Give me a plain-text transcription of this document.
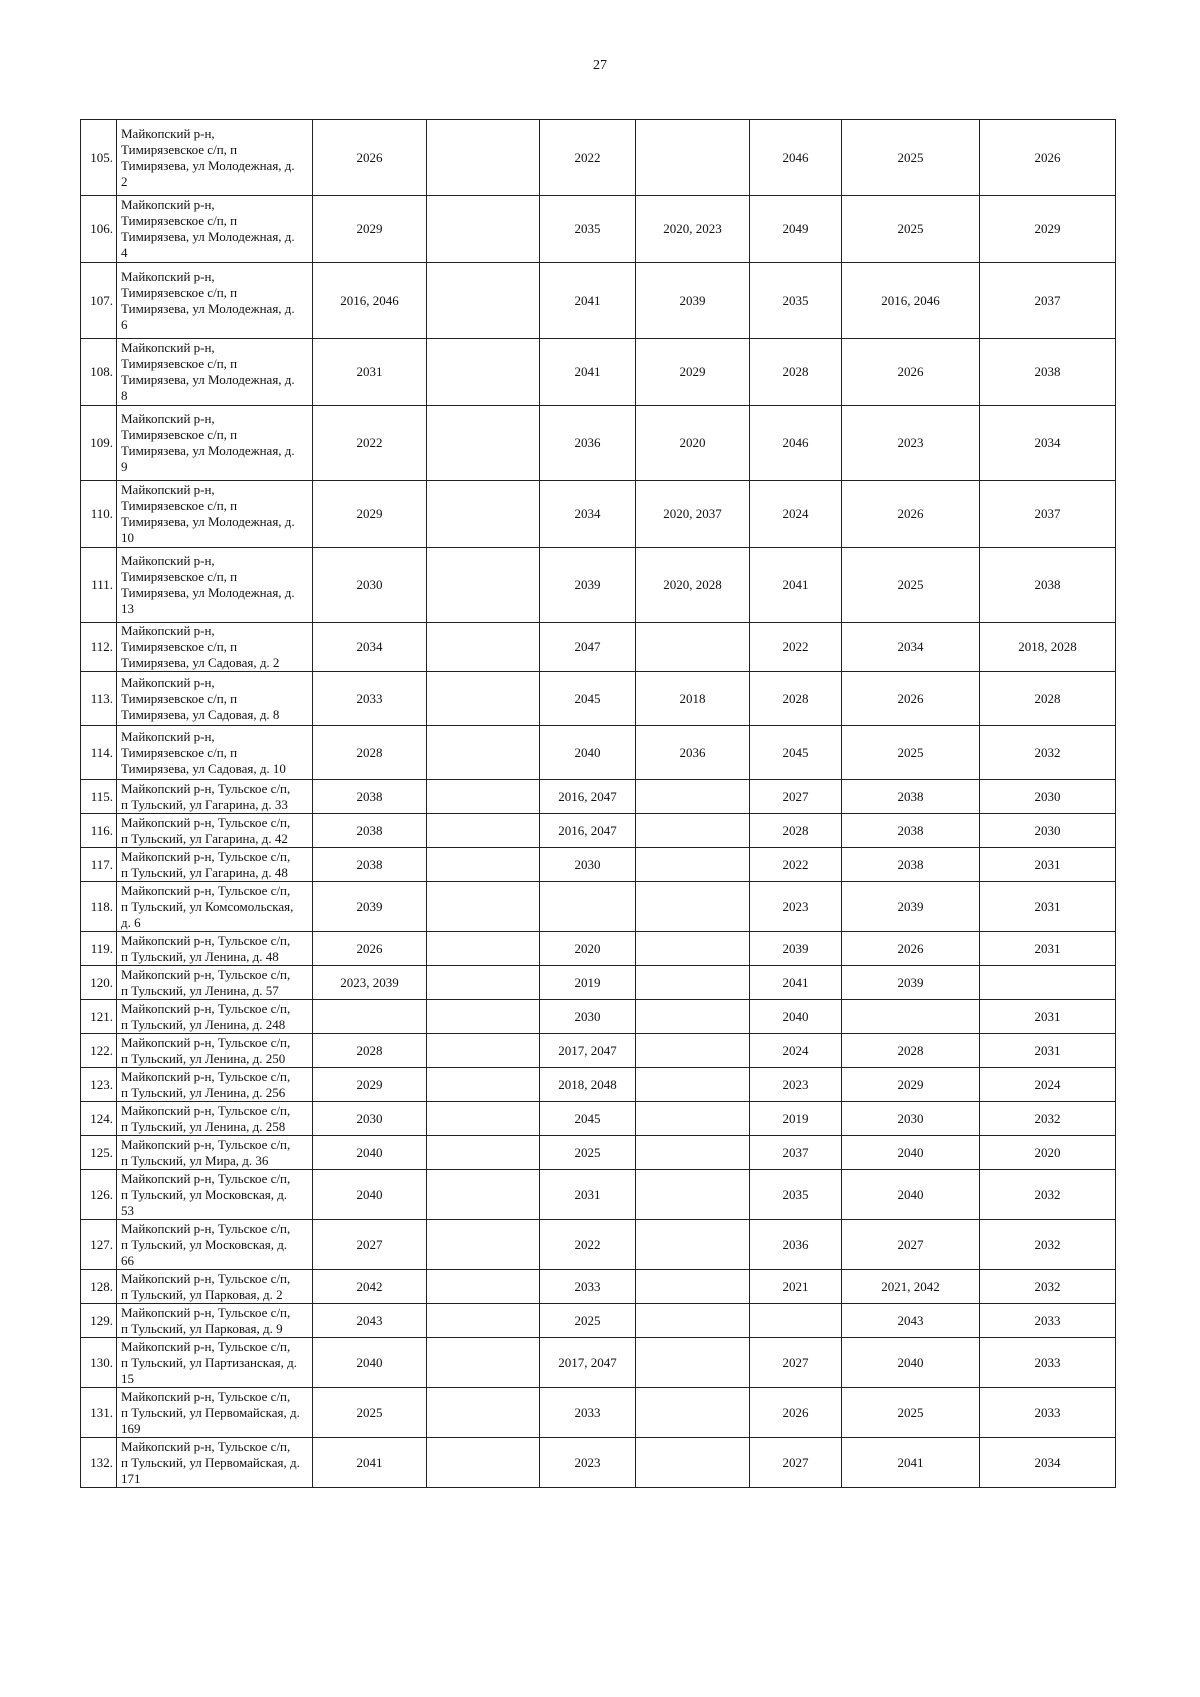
27
105.	Майкопский р-н,
Тимирязевское с/п, п
Тимирязева, ул Молодежная, д.
2	2026		2022		2046	2025	2026
106.	Майкопский р-н,
Тимирязевское с/п, п
Тимирязева, ул Молодежная, д.
4	2029		2035	2020, 2023	2049	2025	2029
107.	Майкопский р-н,
Тимирязевское с/п, п
Тимирязева, ул Молодежная, д.
6	2016, 2046		2041	2039	2035	2016, 2046	2037
108.	Майкопский р-н,
Тимирязевское с/п, п
Тимирязева, ул Молодежная, д.
8	2031		2041	2029	2028	2026	2038
109.	Майкопский р-н,
Тимирязевское с/п, п
Тимирязева, ул Молодежная, д.
9	2022		2036	2020	2046	2023	2034
110.	Майкопский р-н,
Тимирязевское с/п, п
Тимирязева, ул Молодежная, д.
10	2029		2034	2020, 2037	2024	2026	2037
111.	Майкопский р-н,
Тимирязевское с/п, п
Тимирязева, ул Молодежная, д.
13	2030		2039	2020, 2028	2041	2025	2038
112.	Майкопский р-н,
Тимирязевское с/п, п
Тимирязева, ул Садовая, д. 2	2034		2047		2022	2034	2018, 2028
113.	Майкопский р-н,
Тимирязевское с/п, п
Тимирязева, ул Садовая, д. 8	2033		2045	2018	2028	2026	2028
114.	Майкопский р-н,
Тимирязевское с/п, п
Тимирязева, ул Садовая, д. 10	2028		2040	2036	2045	2025	2032
115.	Майкопский р-н, Тульское с/п,
п Тульский, ул Гагарина, д. 33	2038		2016, 2047		2027	2038	2030
116.	Майкопский р-н, Тульское с/п,
п Тульский, ул Гагарина, д. 42	2038		2016, 2047		2028	2038	2030
117.	Майкопский р-н, Тульское с/п,
п Тульский, ул Гагарина, д. 48	2038		2030		2022	2038	2031
118.	Майкопский р-н, Тульское с/п,
п Тульский, ул Комсомольская,
д. 6	2039				2023	2039	2031
119.	Майкопский р-н, Тульское с/п,
п Тульский, ул Ленина, д. 48	2026		2020		2039	2026	2031
120.	Майкопский р-н, Тульское с/п,
п Тульский, ул Ленина, д. 57	2023, 2039		2019		2041	2039	
121.	Майкопский р-н, Тульское с/п,
п Тульский, ул Ленина, д. 248			2030		2040		2031
122.	Майкопский р-н, Тульское с/п,
п Тульский, ул Ленина, д. 250	2028		2017, 2047		2024	2028	2031
123.	Майкопский р-н, Тульское с/п,
п Тульский, ул Ленина, д. 256	2029		2018, 2048		2023	2029	2024
124.	Майкопский р-н, Тульское с/п,
п Тульский, ул Ленина, д. 258	2030		2045		2019	2030	2032
125.	Майкопский р-н, Тульское с/п,
п Тульский, ул Мира, д. 36	2040		2025		2037	2040	2020
126.	Майкопский р-н, Тульское с/п,
п Тульский, ул Московская, д.
53	2040		2031		2035	2040	2032
127.	Майкопский р-н, Тульское с/п,
п Тульский, ул Московская, д.
66	2027		2022		2036	2027	2032
128.	Майкопский р-н, Тульское с/п,
п Тульский, ул Парковая, д. 2	2042		2033		2021	2021, 2042	2032
129.	Майкопский р-н, Тульское с/п,
п Тульский, ул Парковая, д. 9	2043		2025			2043	2033
130.	Майкопский р-н, Тульское с/п,
п Тульский, ул Партизанская, д.
15	2040		2017, 2047		2027	2040	2033
131.	Майкопский р-н, Тульское с/п,
п Тульский, ул Первомайская, д.
169	2025		2033		2026	2025	2033
132.	Майкопский р-н, Тульское с/п,
п Тульский, ул Первомайская, д.
171	2041		2023		2027	2041	2034
